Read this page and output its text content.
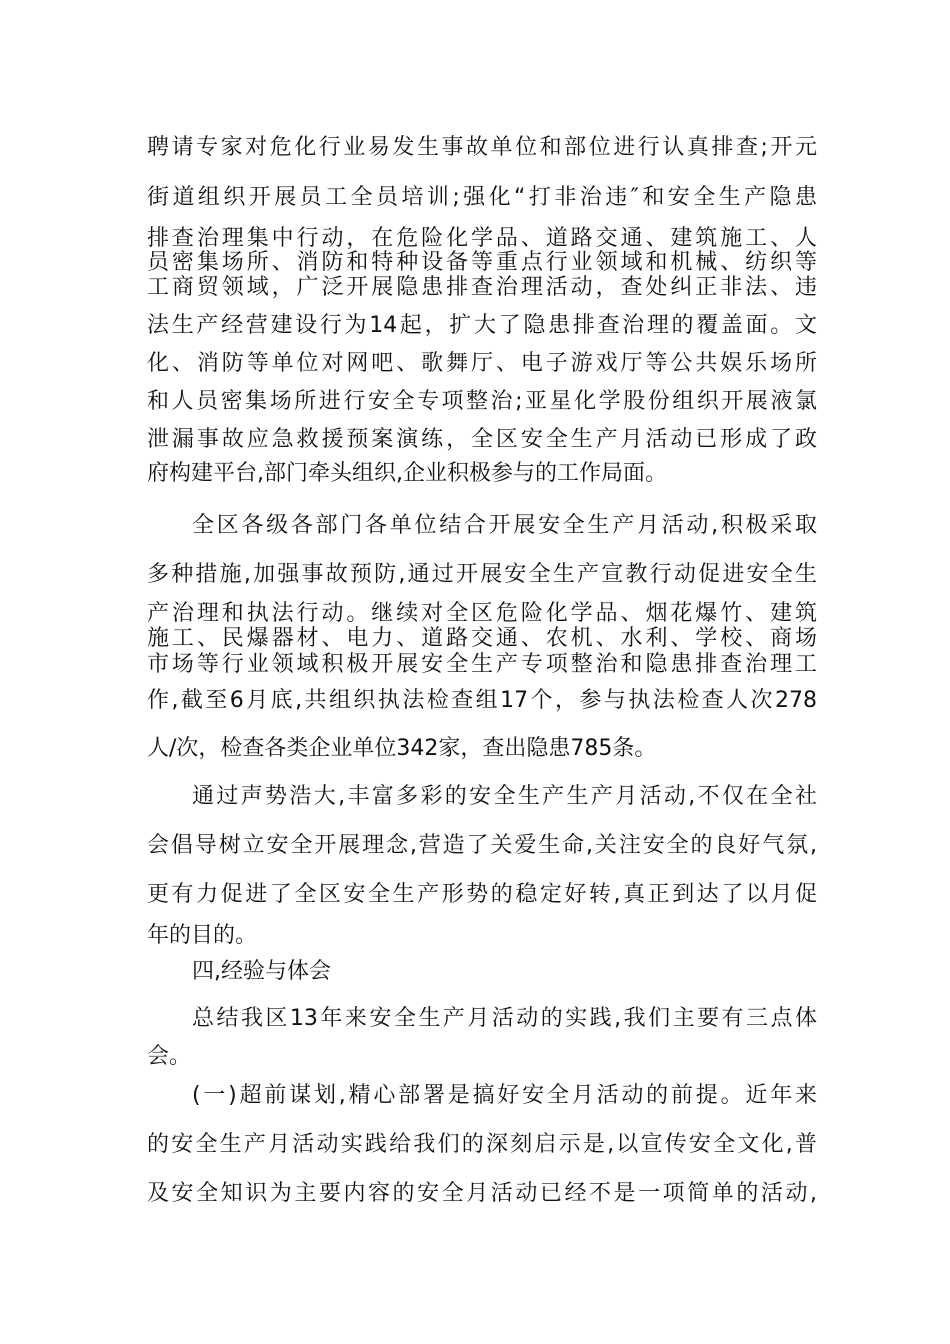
聘请专家对危化行业易发生事故单位和部位进行认真排查;开元
街道组织开展员工全员培训;强化“打非治违″和安全生产隐患
排查治理集中行动，在危险化学品、道路交通、建筑施工、人
员密集场所、消防和特种设备等重点行业领域和机械、纺织等
工商贸领域，广泛开展隐患排查治理活动，查处纠正非法、违
法生产经营建设行为14起，扩大了隐患排查治理的覆盖面。文
化、消防等单位对网吧、歌舞厅、电子游戏厅等公共娱乐场所
和人员密集场所进行安全专项整治;亚星化学股份组织开展液氯
泄漏事故应急救援预案演练，全区安全生产月活动已形成了政
府构建平台,部门牵头组织,企业积极参与的工作局面。
全区各级各部门各单位结合开展安全生产月活动,积极采取
多种措施,加强事故预防,通过开展安全生产宣教行动促进安全生
产治理和执法行动。继续对全区危险化学品、烟花爆竹、建筑
施工、民爆器材、电力、道路交通、农机、水利、学校、商场
市场等行业领域积极开展安全生产专项整治和隐患排查治理工
作,截至6月底,共组织执法检查组17个，参与执法检查人次278
人/次，检查各类企业单位342家，查出隐患785条。
通过声势浩大,丰富多彩的安全生产生产月活动,不仅在全社
会倡导树立安全开展理念,营造了关爱生命,关注安全的良好气氛,
更有力促进了全区安全生产形势的稳定好转,真正到达了以月促
年的目的。
四,经验与体会
总结我区13年来安全生产月活动的实践,我们主要有三点体
会。
(一)超前谋划,精心部署是搞好安全月活动的前提。近年来
的安全生产月活动实践给我们的深刻启示是,以宣传安全文化,普
及安全知识为主要内容的安全月活动已经不是一项简单的活动,
